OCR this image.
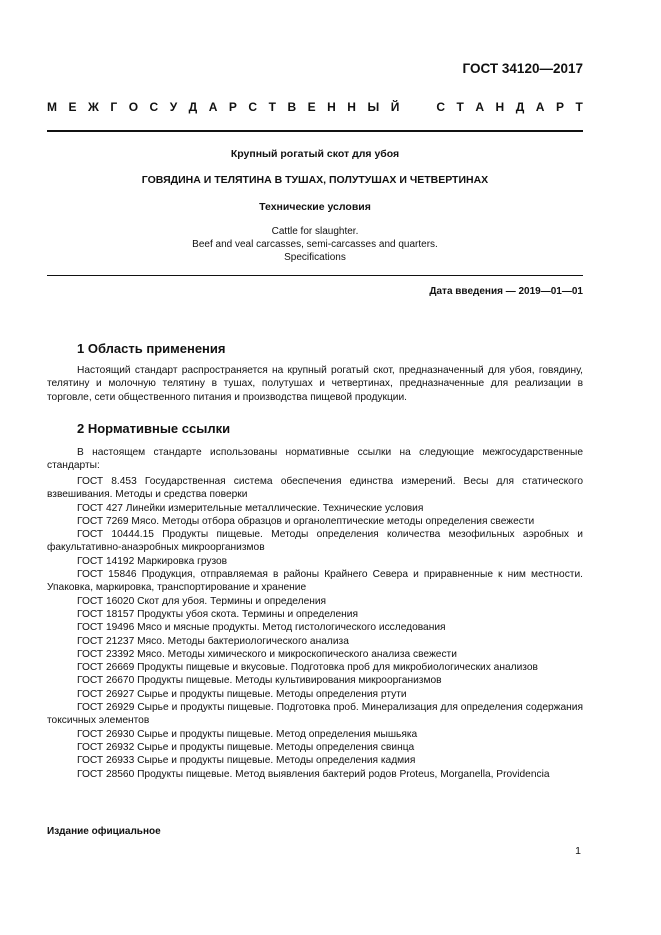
ГОСТ 34120—2017
М Е Ж Г О С У Д А Р С Т В Е Н Н Ы Й	С Т А Н Д А Р Т
Крупный рогатый скот для убоя
ГОВЯДИНА И ТЕЛЯТИНА В ТУШАХ, ПОЛУТУШАХ И ЧЕТВЕРТИНАХ
Технические условия
Cattle for slaughter.
Beef and veal carcasses, semi-carcasses and quarters.
Specifications
Дата введения — 2019—01—01
1 Область применения

Настоящий стандарт распространяется на крупный рогатый скот, предназначенный для убоя, говядину, телятину и молочную телятину в тушах, полутушах и четвертинах, предназначенные для реализации в торговле, сети общественного питания и производства пищевой продукции.

2 Нормативные ссылки

В настоящем стандарте использованы нормативные ссылки на следующие межгосударственные стандарты:

ГОСТ 8.453 Государственная система обеспечения единства измерений. Весы для статического взвешивания. Методы и средства поверки

ГОСТ 427 Линейки измерительные металлические. Технические условия

ГОСТ 7269 Мясо. Методы отбора образцов и органолептические методы определения свежести

ГОСТ 10444.15 Продукты пищевые. Методы определения количества мезофильных аэробных и факультативно-анаэробных микроорганизмов

ГОСТ 14192 Маркировка грузов

ГОСТ 15846 Продукция, отправляемая в районы Крайнего Севера и приравненные к ним местности. Упаковка, маркировка, транспортирование и хранение

ГОСТ 16020 Скот для убоя. Термины и определения

ГОСТ 18157 Продукты убоя скота. Термины и определения

ГОСТ 19496 Мясо и мясные продукты. Метод гистологического исследования

ГОСТ 21237 Мясо. Методы бактериологического анализа

ГОСТ 23392 Мясо. Методы химического и микроскопического анализа свежести

ГОСТ 26669 Продукты пищевые и вкусовые. Подготовка проб для микробиологических анализов

ГОСТ 26670 Продукты пищевые. Методы культивирования микроорганизмов

ГОСТ 26927 Сырье и продукты пищевые. Методы определения ртути

ГОСТ 26929 Сырье и продукты пищевые. Подготовка проб. Минерализация для определения содержания токсичных элементов

ГОСТ 26930 Сырье и продукты пищевые. Метод определения мышьяка

ГОСТ 26932 Сырье и продукты пищевые. Методы определения свинца

ГОСТ 26933 Сырье и продукты пищевые. Методы определения кадмия

ГОСТ 28560 Продукты пищевые. Метод выявления бактерий родов Proteus, Morganella, Providencia

Издание официальное
1
